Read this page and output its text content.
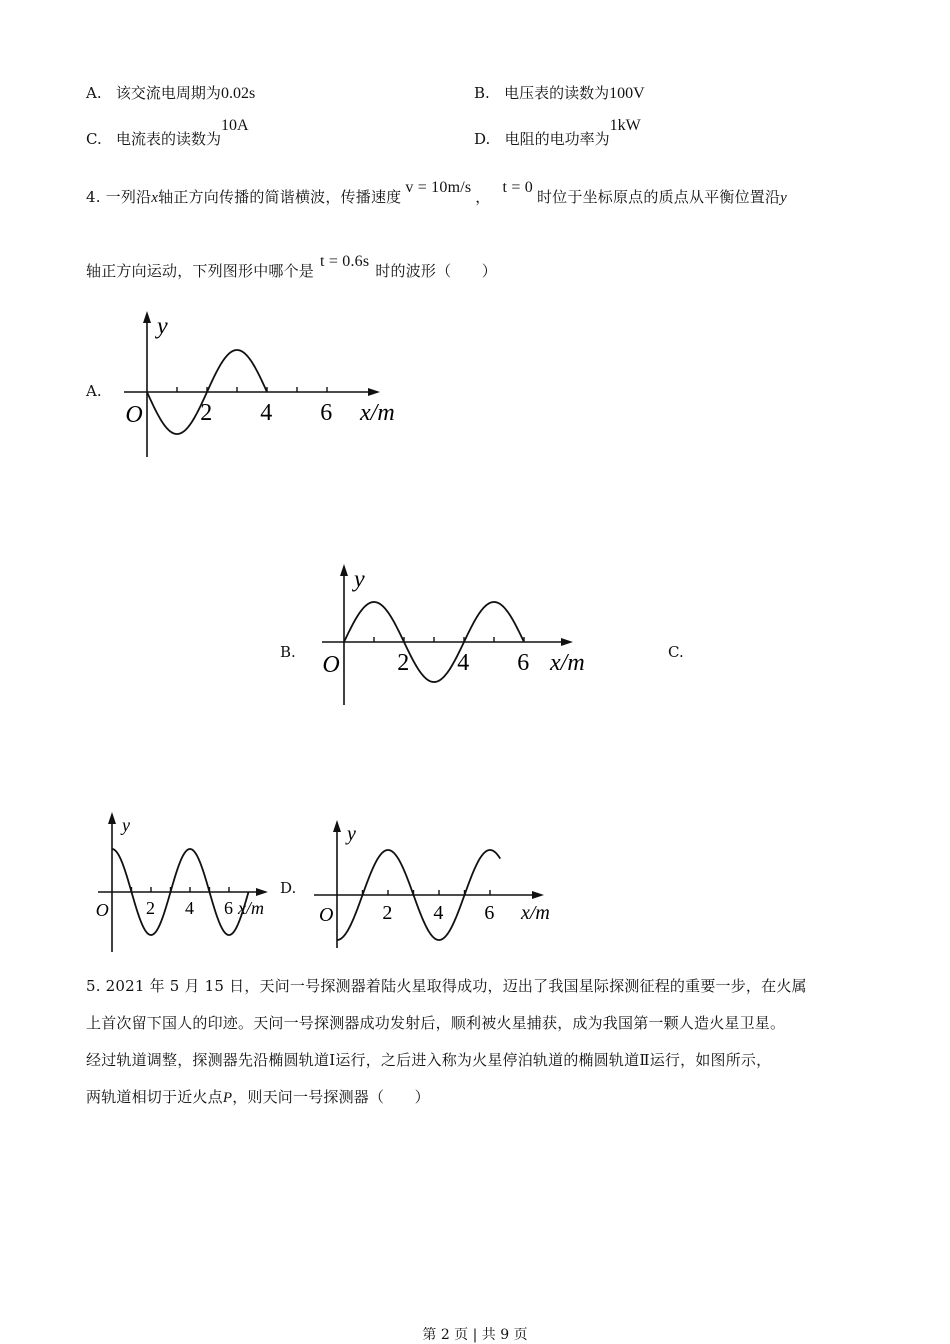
A. 该交流电周期为0.02s	B. 电压表的读数为100V
C. 电流表的读数为10A
D. 电阻的电功率为1kW
4. 一列沿x轴正方向传播的简谐横波，传播速度v = 10m/s，t = 0时位于坐标原点的质点从平衡位置沿y
轴正方向运动，下列图形中哪个是t = 0.6s时的波形（　　）
A.
B.	C.
D.
2 4 6
O
y
x/m
2 4 6
O
y
x/m
2 4 6
O
y
x/m	2 4 6
O
y
x/m
5. 2021 年 5 月 15 日，天问一号探测器着陆火星取得成功，迈出了我国星际探测征程的重要一步，在火属
上首次留下国人的印迹。天问一号探测器成功发射后，顺利被火星捕获，成为我国第一颗人造火星卫星。
经过轨道调整，探测器先沿椭圆轨道Ⅰ运行，之后进入称为火星停泊轨道的椭圆轨道Ⅱ运行，如图所示，
两轨道相切于近火点P，则天问一号探测器（　　）
第 2 页 | 共 9 页
